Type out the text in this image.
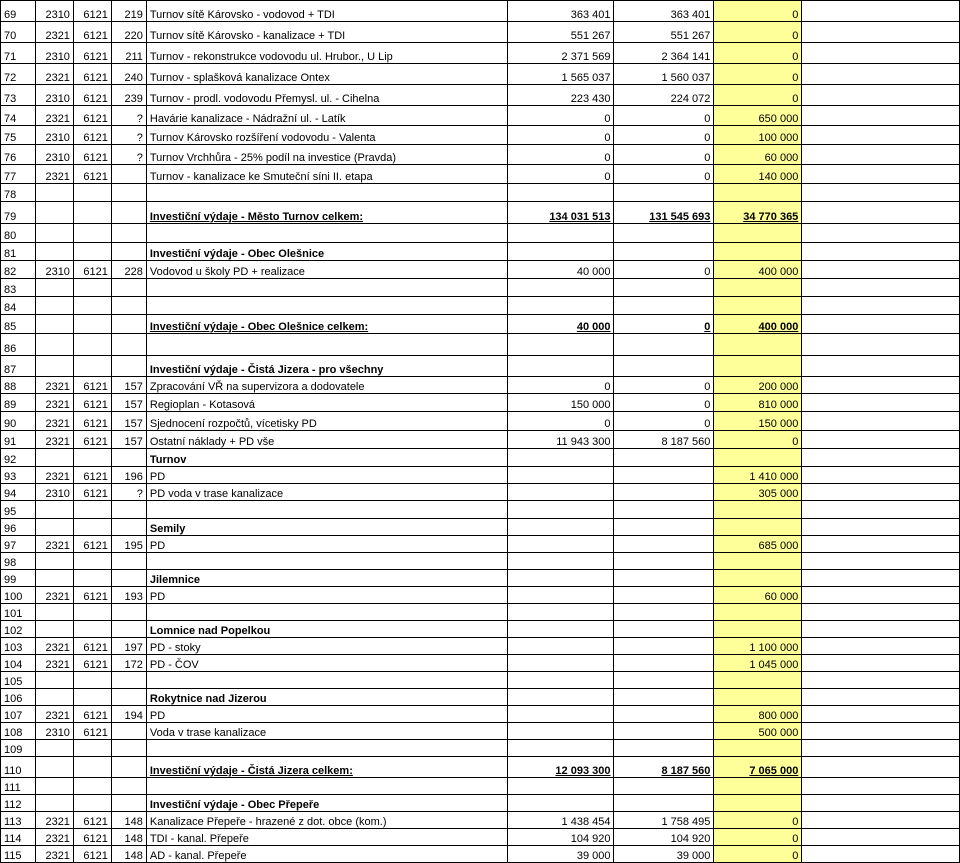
69	2310	6121	219	Turnov sítě Károvsko - vodovod + TDI	363 401	363 401	0	
70	2321	6121	220	Turnov sítě Károvsko - kanalizace + TDI	551 267	551 267	0	
71	2310	6121	211	Turnov - rekonstrukce vodovodu ul. Hrubor., U Lip	2 371 569	2 364 141	0	
72	2321	6121	240	Turnov - splašková kanalizace Ontex	1 565 037	1 560 037	0	
73	2310	6121	239	Turnov - prodl. vodovodu Přemysl. ul. - Cihelna	223 430	224 072	0	
74	2321	6121	?	Havárie kanalizace - Nádražní ul. - Latík	0	0	650 000	
75	2310	6121	?	Turnov Károvsko rozšíření vodovodu - Valenta	0	0	100 000	
76	2310	6121	?	Turnov Vrchhůra - 25% podíl na investice (Pravda)	0	0	60 000	
77	2321	6121		Turnov - kanalizace ke Smuteční síni II. etapa	0	0	140 000	
78								
79				Investiční výdaje - Město Turnov celkem:	134 031 513	131 545 693	34 770 365	
80								
81				Investiční výdaje - Obec Olešnice				
82	2310	6121	228	Vodovod u školy PD + realizace	40 000	0	400 000	
83								
84								
85				Investiční výdaje - Obec Olešnice celkem:	40 000	0	400 000	
86								
87				Investiční výdaje - Čistá Jizera - pro všechny				
88	2321	6121	157	Zpracování VŘ na supervizora a dodovatele	0	0	200 000	
89	2321	6121	157	Regioplan - Kotasová	150 000	0	810 000	
90	2321	6121	157	Sjednocení rozpočtů, vícetisky PD	0	0	150 000	
91	2321	6121	157	Ostatní náklady + PD vše	11 943 300	8 187 560	0	
92				Turnov				
93	2321	6121	196	PD			1 410 000	
94	2310	6121	?	PD voda v trase kanalizace			305 000	
95								
96				Semily				
97	2321	6121	195	PD			685 000	
98								
99				Jilemnice				
100	2321	6121	193	PD			60 000	
101								
102				Lomnice nad Popelkou				
103	2321	6121	197	PD - stoky			1 100 000	
104	2321	6121	172	PD - ČOV			1 045 000	
105								
106				Rokytnice nad Jizerou				
107	2321	6121	194	PD			800 000	
108	2310	6121		Voda v trase kanalizace			500 000	
109								
110				Investiční výdaje - Čistá Jizera celkem:	12 093 300	8 187 560	7 065 000	
111								
112				Investiční výdaje - Obec Přepeře				
113	2321	6121	148	Kanalizace Přepeře - hrazené z dot. obce (kom.)	1 438 454	1 758 495	0	
114	2321	6121	148	TDI - kanal. Přepeře	104 920	104 920	0	
115	2321	6121	148	AD - kanal. Přepeře	39 000	39 000	0	
